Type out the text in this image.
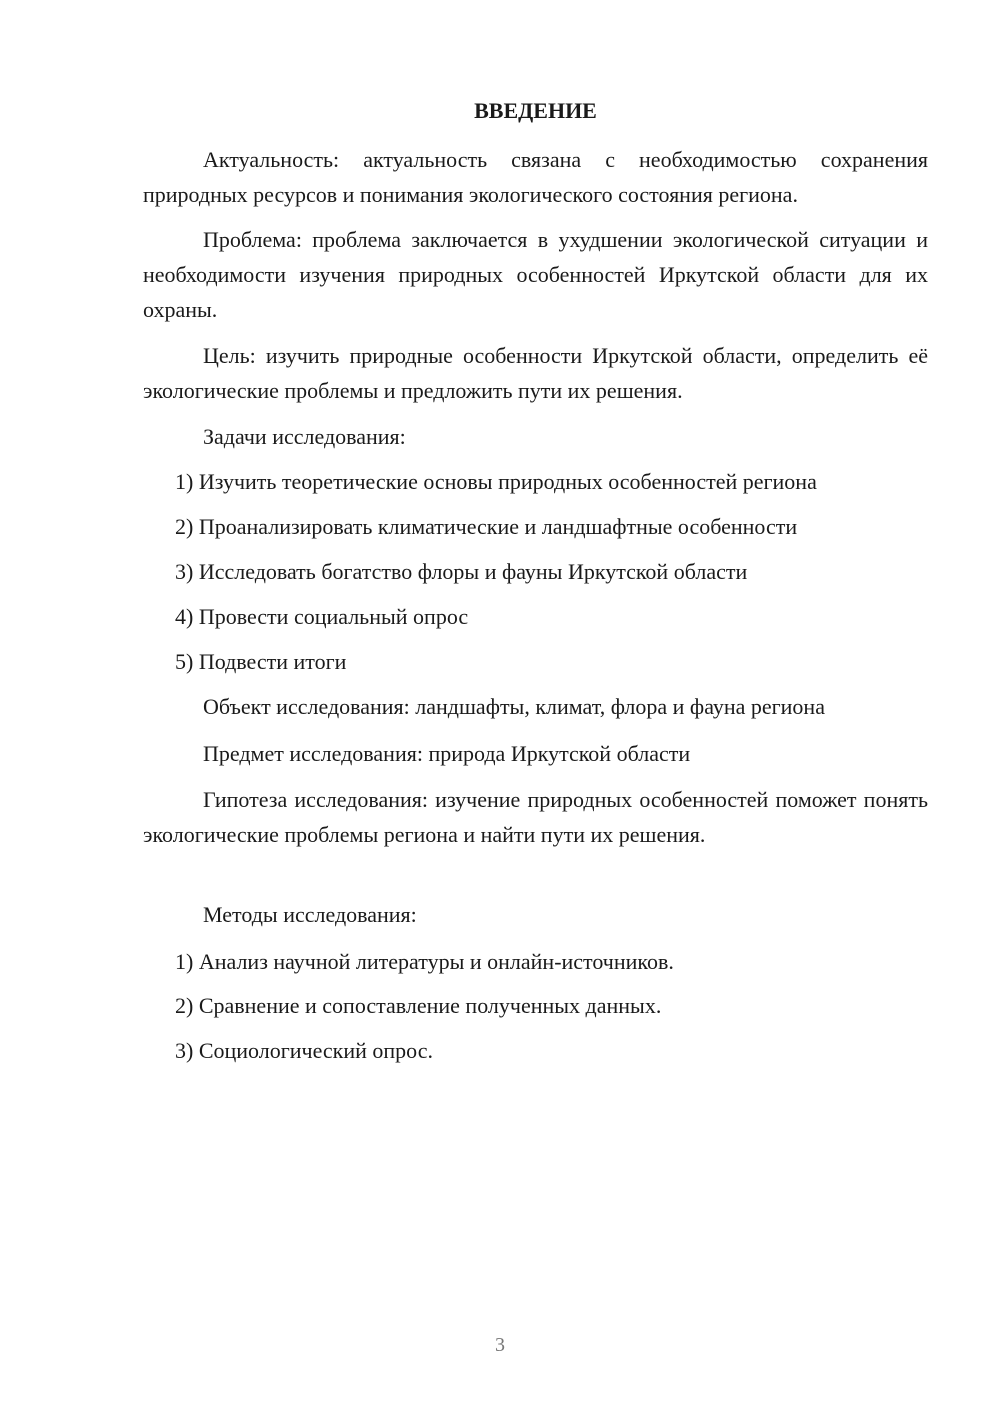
ВВЕДЕНИЕ

Актуальность: актуальность связана с необходимостью сохранения природных ресурсов и понимания экологического состояния региона.

Проблема: проблема заключается в ухудшении экологической ситуации и необходимости изучения природных особенностей Иркутской области для их охраны.

Цель: изучить природные особенности Иркутской области, определить её экологические проблемы и предложить пути их решения.

Задачи исследования:

1) Изучить теоретические основы природных особенностей региона

2) Проанализировать климатические и ландшафтные особенности

3) Исследовать богатство флоры и фауны Иркутской области

4) Провести социальный опрос

5) Подвести итоги

Объект исследования: ландшафты, климат, флора и фауна региона

Предмет исследования: природа Иркутской области

Гипотеза исследования: изучение природных особенностей поможет понять экологические проблемы региона и найти пути их решения.

Методы исследования:

1) Анализ научной литературы и онлайн-источников.

2) Сравнение и сопоставление полученных данных.

3) Социологический опрос.

3
